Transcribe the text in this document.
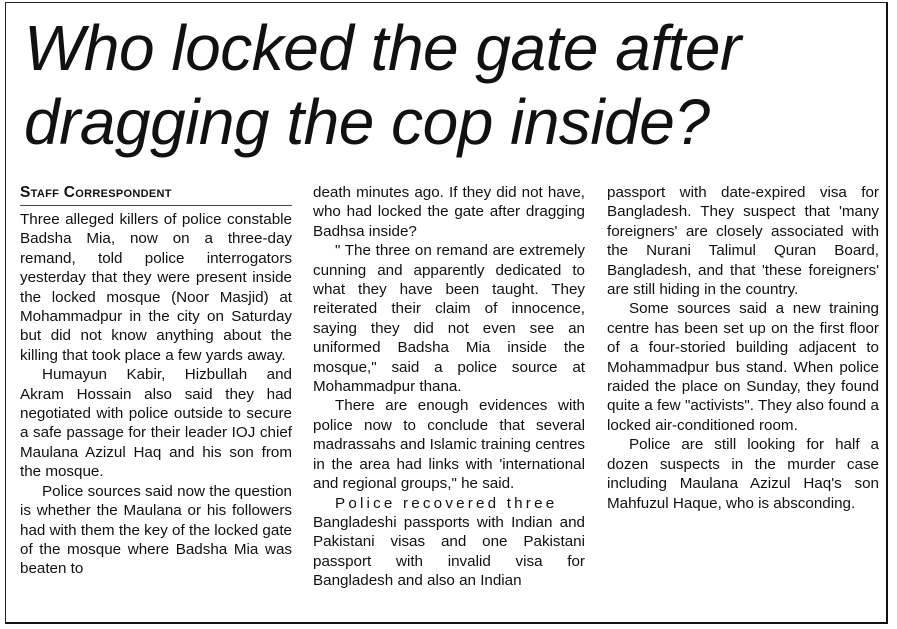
Who locked the gate after
dragging the cop inside?
Staff Correspondent

Three alleged killers of police constable Badsha Mia, now on a three-day remand, told police interrogators yesterday that they were present inside the locked mosque (Noor Masjid) at Mohammadpur in the city on Saturday but did not know anything about the killing that took place a few yards away.

Humayun Kabir, Hizbullah and Akram Hossain also said they had negotiated with police outside to secure a safe passage for their leader IOJ chief Maulana Azizul Haq and his son from the mosque.

Police sources said now the question is whether the Maulana or his followers had with them the key of the locked gate of the mosque where Badsha Mia was beaten to

death minutes ago. If they did not have, who had locked the gate after dragging Badhsa inside?

" The three on remand are extremely cunning and apparently dedicated to what they have been taught. They reiterated their claim of innocence, saying they did not even see an uniformed Badsha Mia inside the mosque," said a police source at Mohammadpur thana.

There are enough evidences with police now to conclude that several madrassahs and Islamic training centres in the area had links with 'international and regional groups," he said.

Police recovered three

Bangladeshi passports with Indian and Pakistani visas and one Pakistani passport with invalid visa for Bangladesh and also an Indian

passport with date-expired visa for Bangladesh. They suspect that 'many foreigners' are closely associated with the Nurani Talimul Quran Board, Bangladesh, and that 'these foreigners' are still hiding in the country.

Some sources said a new training centre has been set up on the first floor of a four-storied building adjacent to Mohammadpur bus stand. When police raided the place on Sunday, they found quite a few "activists". They also found a locked air-conditioned room.

Police are still looking for half a dozen suspects in the murder case including Maulana Azizul Haq's son Mahfuzul Haque, who is absconding.
